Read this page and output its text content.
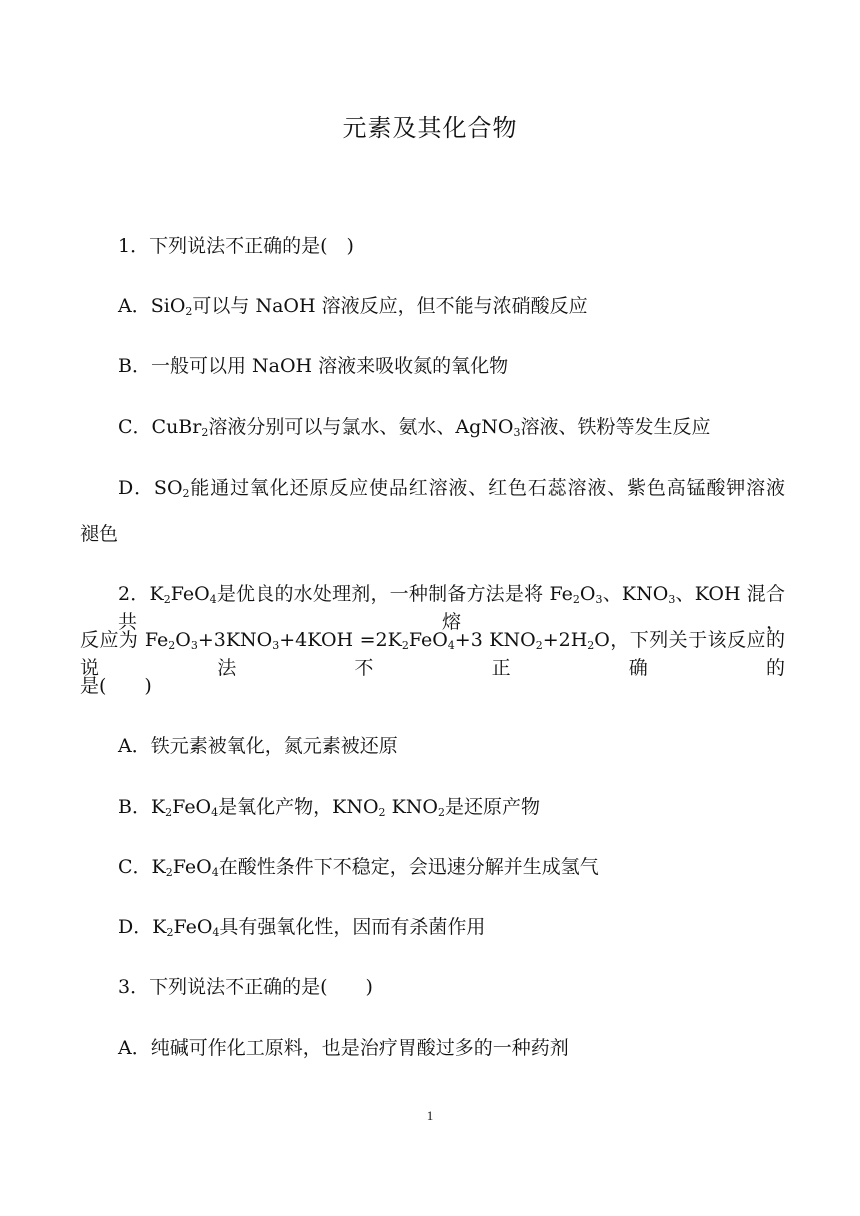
元素及其化合物
1．下列说法不正确的是(　)
A．SiO$_2$可以与 NaOH 溶液反应，但不能与浓硝酸反应
B．一般可以用 NaOH 溶液来吸收氮的氧化物
C．CuBr$_2$溶液分别可以与氯水、氨水、AgNO$_3$溶液、铁粉等发生反应
D．$SO_2$能通过氧化还原反应使品红溶液、红色石蕊溶液、紫色高锰酸钾溶液
褪色
2．$K_2FeO_4$是优良的水处理剂，一种制备方法是将 $Fe_2O_3$、$KNO_3$、KOH 混合共熔，
反应为 $Fe_2O_3+3KNO_3+4KOH =2K_2FeO_4+3$ $KNO_2+2H_2O$，下列关于该反应的说法不正确的
是(　　)
A．铁元素被氧化，氮元素被还原
B．$K_2FeO_4$是氧化产物，$KNO_2$ $KNO_2$是还原产物
C．$K_2FeO_4$在酸性条件下不稳定，会迅速分解并生成氢气
D．$K_2FeO_4$具有强氧化性，因而有杀菌作用
3．下列说法不正确的是(　　)
A．纯碱可作化工原料，也是治疗胃酸过多的一种药剂
1
